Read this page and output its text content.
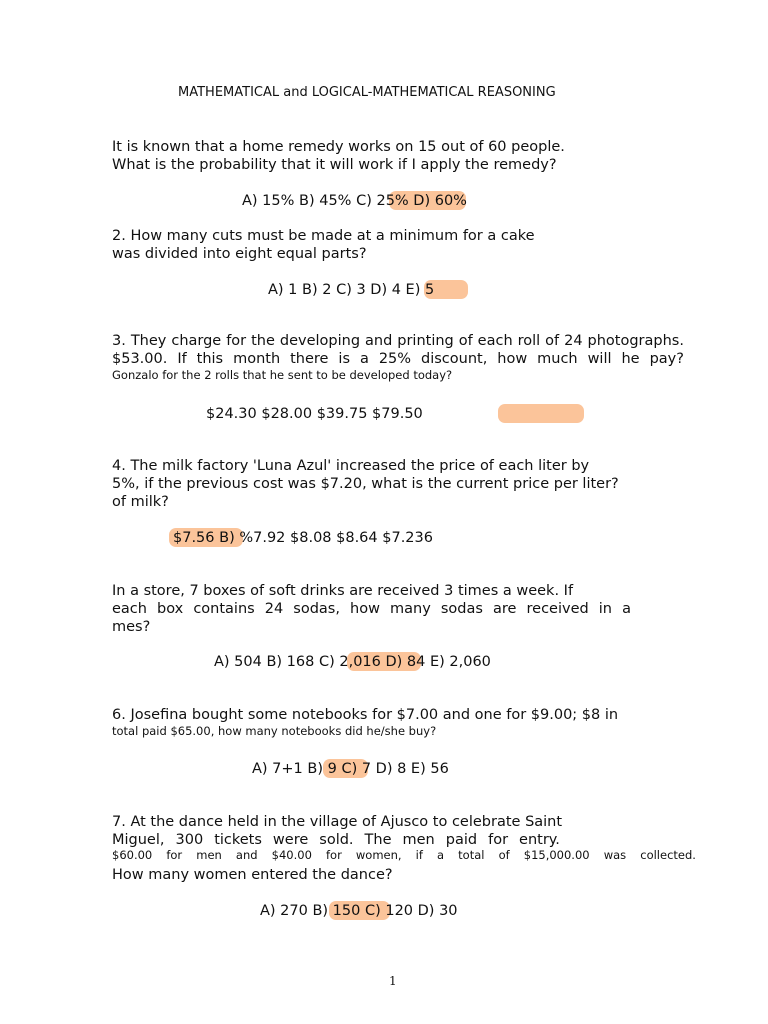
MATHEMATICAL and LOGICAL-MATHEMATICAL REASONING
It is known that a home remedy works on 15 out of 60 people.
What is the probability that it will work if I apply the remedy?
A) 15% B) 45% C) 25% D) 60%
2. How many cuts must be made at a minimum for a cake
was divided into eight equal parts?
A) 1 B) 2 C) 3 D) 4 E) 5
3. They charge for the developing and printing of each roll of 24 photographs.
$53.00. If this month there is a 25% discount, how much will he pay?
Gonzalo for the 2 rolls that he sent to be developed today?
$24.30 $28.00 $39.75 $79.50
4. The milk factory 'Luna Azul' increased the price of each liter by
5%, if the previous cost was $7.20, what is the current price per liter?
of milk?
$7.56 B) %7.92 $8.08 $8.64 $7.236
In a store, 7 boxes of soft drinks are received 3 times a week. If
each box contains 24 sodas, how many sodas are received in a
mes?
A) 504 B) 168 C) 2,016 D) 84 E) 2,060
6. Josefina bought some notebooks for $7.00 and one for $9.00; $8 in
total paid $65.00, how many notebooks did he/she buy?
A) 7+1 B) 9 C) 7 D) 8 E) 56
7. At the dance held in the village of Ajusco to celebrate Saint
Miguel, 300 tickets were sold. The men paid for entry.
$60.00 for men and $40.00 for women, if a total of $15,000.00 was collected.
How many women entered the dance?
A) 270 B) 150 C) 120 D) 30
1
